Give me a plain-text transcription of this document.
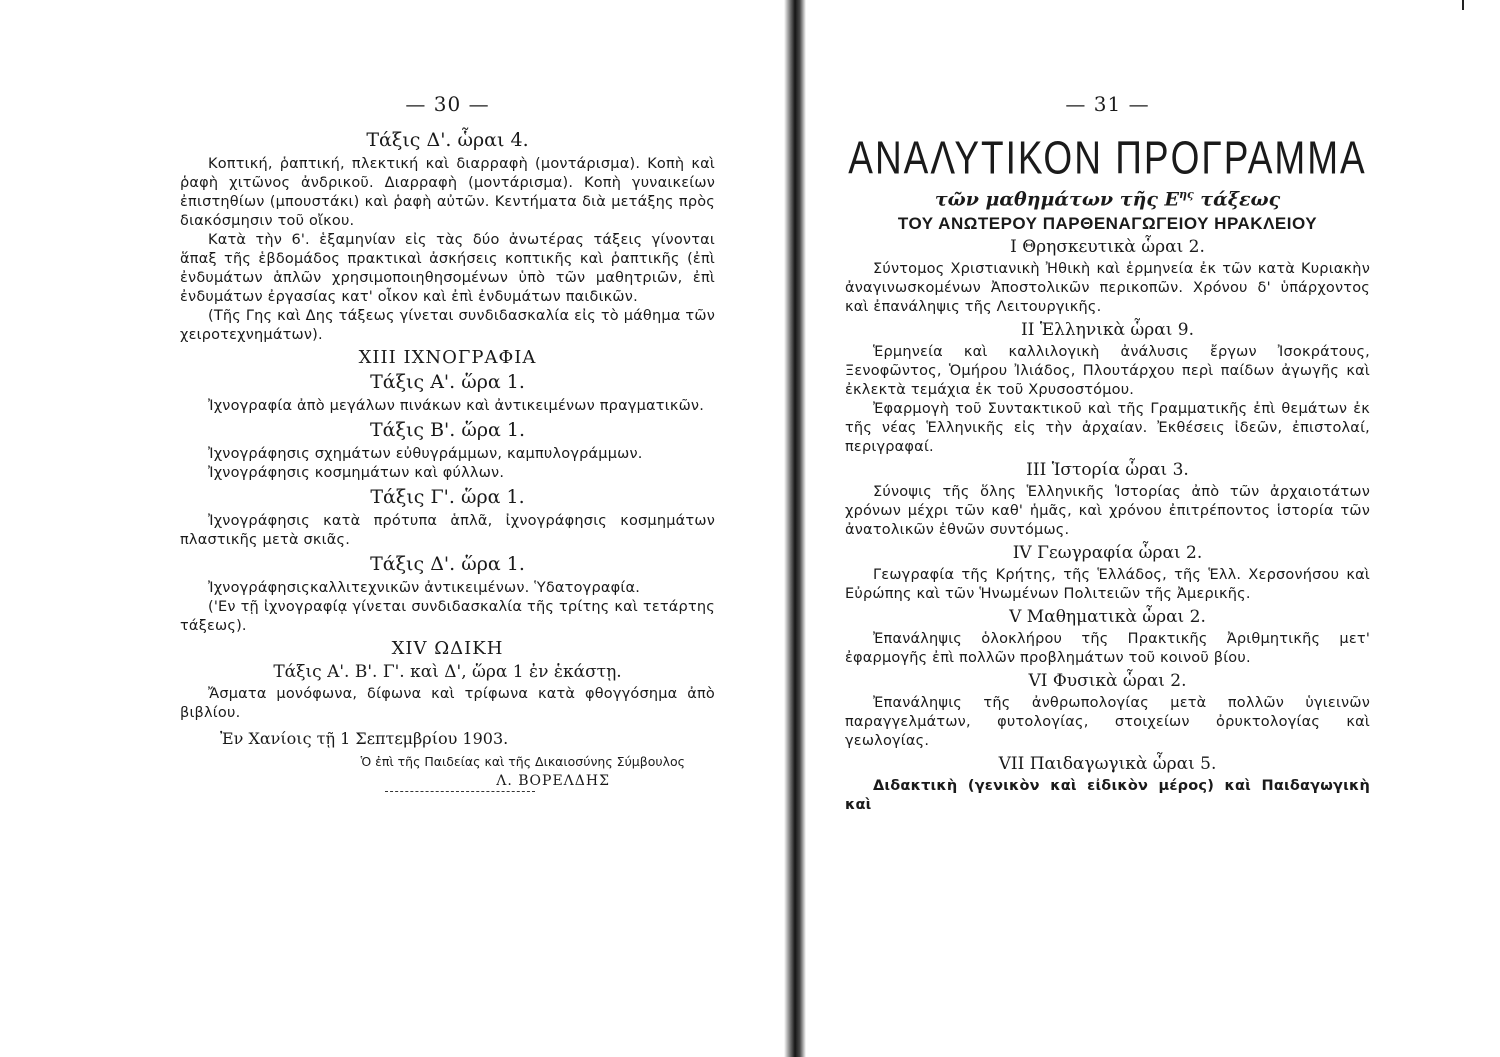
— 30 —
Τάξις Δ'. ὧραι 4.

Κοπτική, ῥαπτική, πλεκτική καὶ διαρραφὴ (μοντάρισμα). Κοπὴ καὶ ῥαφὴ χιτῶνος ἀνδρικοῦ. Διαρραφὴ (μοντάρισμα). Κοπὴ γυναικείων ἐπιστηθίων (μπουστάκι) καὶ ῥαφὴ αὐτῶν. Κεντήματα διὰ μετάξης πρὸς διακόσμησιν τοῦ οἴκου.

Κατὰ τὴν 6'. ἑξαμηνίαν εἰς τὰς δύο ἀνωτέρας τάξεις γίνονται ἅπαξ τῆς ἑβδομάδος πρακτικαὶ ἀσκήσεις κοπτικῆς καὶ ῥαπτικῆς (ἐπὶ ἐνδυμάτων ἁπλῶν χρησιμοποιηθησομένων ὑπὸ τῶν μαθητριῶν, ἐπὶ ἐνδυμάτων ἐργασίας κατ' οἶκον καὶ ἐπὶ ἐνδυμάτων παιδικῶν.

(Τῆς Γης καὶ Δης τάξεως γίνεται συνδιδασκαλία εἰς τὸ μάθημα τῶν χειροτεχνημάτων).

XIII ΙΧΝΟΓΡΑΦΙΑ
Τάξις Α'. ὥρα 1.

Ἰχνογραφία ἀπὸ μεγάλων πινάκων καὶ ἀντικειμένων πραγματικῶν.

Τάξις Β'. ὥρα 1.

Ἰχνογράφησις σχημάτων εὐθυγράμμων, καμπυλογράμμων.

Ἰχνογράφησις κοσμημάτων καὶ φύλλων.

Τάξις Γ'. ὥρα 1.

Ἰχνογράφησις κατὰ πρότυπα ἁπλᾶ, ἰχνογράφησις κοσμημάτων πλαστικῆς μετὰ σκιᾶς.

Τάξις Δ'. ὥρα 1.

Ἰχνογράφησιςκαλλιτεχνικῶν ἀντικειμένων. Ὑδατογραφία.

('Εν τῇ ἰχνογραφίᾳ γίνεται συνδιδασκαλία τῆς τρίτης καὶ τετάρτης τάξεως).

XIV ΩΔΙΚΗ
Τάξις Α'. Β'. Γ'. καὶ Δ', ὥρα 1 ἐν ἑκάστῃ.

Ἄσματα μονόφωνα, δίφωνα καὶ τρίφωνα κατὰ φθογγόσημα ἀπὸ βιβλίου.

Ἐν Χανίοις τῇ 1 Σεπτεμβρίου 1903.
Ὁ ἐπὶ τῆς Παιδείας καὶ τῆς Δικαιοσύνης Σύμβουλος
Λ. ΒΟΡΕΛΔΗΣ
— 31 —
ΑΝΑΛΥΤΙΚΟΝ ΠΡΟΓΡΑΜΜΑ
τῶν μαθημάτων τῆς $E^{\eta\varsigma}$ τάξεως
ΤΟΥ ΑΝΩΤΕΡΟΥ ΠΑΡΘΕΝΑΓΩΓΕΙΟΥ ΗΡΑΚΛΕΙΟΥ
I Θρησκευτικὰ ὧραι 2.

Σύντομος Χριστιανικὴ Ἠθικὴ καὶ ἑρμηνεία ἐκ τῶν κατὰ Κυριακὴν ἀναγινωσκομένων Ἀποστολικῶν περικοπῶν. Χρόνου δ' ὑπάρχοντος καὶ ἐπανάληψις τῆς Λειτουργικῆς.

II Ἑλληνικὰ ὧραι 9.

Ἑρμηνεία καὶ καλλιλογικὴ ἀνάλυσις ἔργων Ἰσοκράτους, Ξενοφῶντος, Ὁμήρου Ἰλιάδος, Πλουτάρχου περὶ παίδων ἀγωγῆς καὶ ἐκλεκτὰ τεμάχια ἐκ τοῦ Χρυσοστόμου.

Ἐφαρμογὴ τοῦ Συντακτικοῦ καὶ τῆς Γραμματικῆς ἐπὶ θεμάτων ἐκ τῆς νέας Ἑλληνικῆς εἰς τὴν ἀρχαίαν. Ἐκθέσεις ἰδεῶν, ἐπιστολαί, περιγραφαί.

III Ἱστορία ὧραι 3.

Σύνοψις τῆς ὅλης Ἑλληνικῆς Ἱστορίας ἀπὸ τῶν ἀρχαιοτάτων χρόνων μέχρι τῶν καθ' ἡμᾶς, καὶ χρόνου ἐπιτρέποντος ἱστορία τῶν ἀνατολικῶν ἐθνῶν συντόμως.

IV Γεωγραφία ὧραι 2.

Γεωγραφία τῆς Κρήτης, τῆς Ἑλλάδος, τῆς Ἑλλ. Χερσονήσου καὶ Εὐρώπης καὶ τῶν Ἡνωμένων Πολιτειῶν τῆς Ἀμερικῆς.

V Μαθηματικὰ ὧραι 2.

Ἐπανάληψις ὁλοκλήρου τῆς Πρακτικῆς Ἀριθμητικῆς μετ' ἐφαρμογῆς ἐπὶ πολλῶν προβλημάτων τοῦ κοινοῦ βίου.

VI Φυσικὰ ὧραι 2.

Ἐπανάληψις τῆς ἀνθρωπολογίας μετὰ πολλῶν ὑγιεινῶν παραγγελμάτων, φυτολογίας, στοιχείων ὀρυκτολογίας καὶ γεωλογίας.

VII Παιδαγωγικὰ ὧραι 5.

Διδακτικὴ (γενικὸν καὶ εἰδικὸν μέρος) καὶ Παιδαγωγικὴ καὶ
